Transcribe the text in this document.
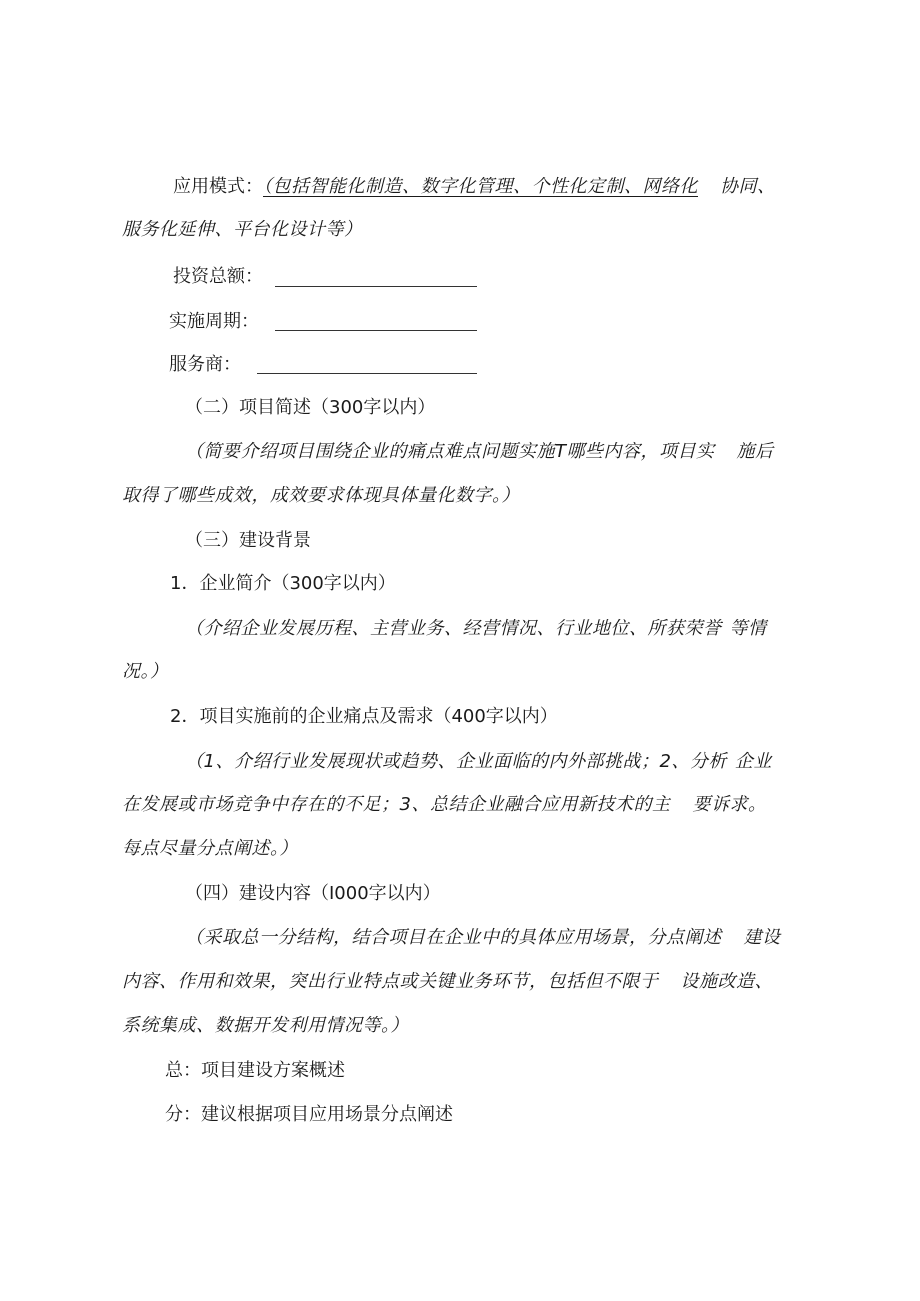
应用模式：（包括智能化制造、数字化管理、个性化定制、网络化 协同、
服务化延伸、平台化设计等）
投资总额：
实施周期：
服务商：
（二）项目简述（300字以内）
（简要介绍项目围绕企业的痛点难点问题实施T哪些内容，项目实 施后
取得了哪些成效，成效要求体现具体量化数字。）
（三）建设背景
1．企业简介（300字以内）
（介绍企业发展历程、主营业务、经营情况、行业地位、所获荣誉 等情
况。）
2．项目实施前的企业痛点及需求（400字以内）
（1、介绍行业发展现状或趋势、企业面临的内外部挑战；2、分析 企业
在发展或市场竞争中存在的不足；3、总结企业融合应用新技术的主 要诉求。
每点尽量分点阐述。）
（四）建设内容（I000字以内）
（采取总一分结构，结合项目在企业中的具体应用场景，分点阐述 建设
内容、作用和效果，突出行业特点或关键业务环节，包括但不限于 设施改造、
系统集成、数据开发利用情况等。）
总：项目建设方案概述
分：建议根据项目应用场景分点阐述
